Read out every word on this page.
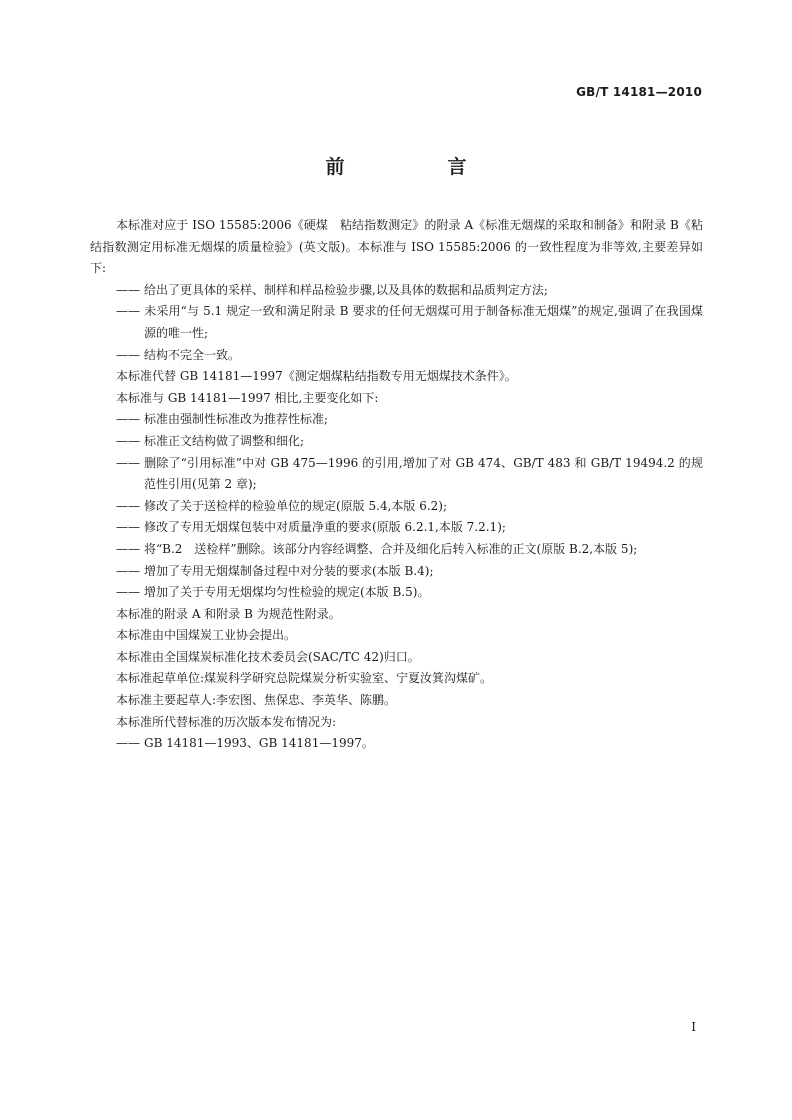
GB/T 14181—2010
前　言

本标准对应于 ISO 15585:2006《硬煤　粘结指数测定》的附录 A《标准无烟煤的采取和制备》和附录 B《粘结指数测定用标准无烟煤的质量检验》(英文版)。本标准与 ISO 15585:2006 的一致性程度为非等效,主要差异如下:

—— 给出了更具体的采样、制样和样品检验步骤,以及具体的数据和品质判定方法;

—— 未采用“与 5.1 规定一致和满足附录 B 要求的任何无烟煤可用于制备标准无烟煤”的规定,强调了在我国煤源的唯一性;

—— 结构不完全一致。

本标准代替 GB 14181—1997《测定烟煤粘结指数专用无烟煤技术条件》。

本标准与 GB 14181—1997 相比,主要变化如下:

—— 标准由强制性标准改为推荐性标准;

—— 标准正文结构做了调整和细化;

—— 删除了“引用标准”中对 GB 475—1996 的引用,增加了对 GB 474、GB/T 483 和 GB/T 19494.2 的规范性引用(见第 2 章);

—— 修改了关于送检样的检验单位的规定(原版 5.4,本版 6.2);

—— 修改了专用无烟煤包装中对质量净重的要求(原版 6.2.1,本版 7.2.1);

—— 将“B.2　送检样”删除。该部分内容经调整、合并及细化后转入标准的正文(原版 B.2,本版 5);

—— 增加了专用无烟煤制备过程中对分装的要求(本版 B.4);

—— 增加了关于专用无烟煤均匀性检验的规定(本版 B.5)。

本标准的附录 A 和附录 B 为规范性附录。

本标准由中国煤炭工业协会提出。

本标准由全国煤炭标准化技术委员会(SAC/TC 42)归口。

本标准起草单位:煤炭科学研究总院煤炭分析实验室、宁夏汝箕沟煤矿。

本标准主要起草人:李宏图、焦保忠、李英华、陈鹏。

本标准所代替标准的历次版本发布情况为:

—— GB 14181—1993、GB 14181—1997。

I
